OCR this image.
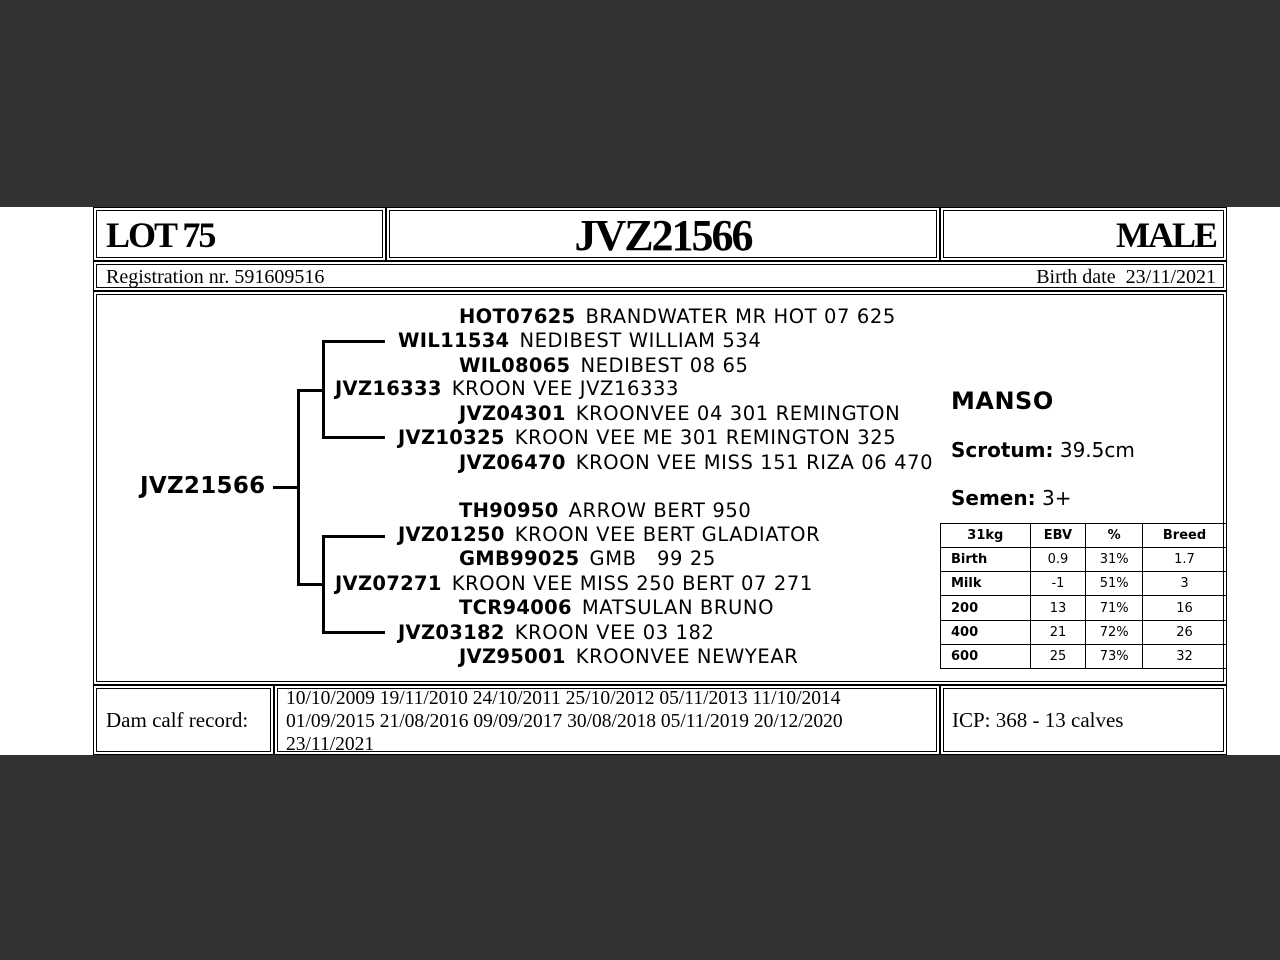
LOT 75	JVZ21566	MALE
Registration nr. 591609516	Birth date 23/11/2021
HOT07625 BRANDWATER MR HOT 07 625
WIL11534 NEDIBEST WILLIAM 534
WIL08065 NEDIBEST 08 65
JVZ16333 KROON VEE JVZ16333
JVZ04301 KROONVEE 04 301 REMINGTON
JVZ10325 KROON VEE ME 301 REMINGTON 325
JVZ06470 KROON VEE MISS 151 RIZA 06 470
JVZ21566
TH90950 ARROW BERT 950
JVZ01250 KROON VEE BERT GLADIATOR
GMB99025 GMB   99 25
JVZ07271 KROON VEE MISS 250 BERT 07 271
TCR94006 MATSULAN BRUNO
JVZ03182 KROON VEE 03 182
JVZ95001 KROONVEE NEWYEAR
MANSO
Scrotum: 39.5cm
Semen: 3+
31kg	EBV	%	Breed
Birth	0.9	31%	1.7
Milk	-1	51%	3
200	13	71%	16
400	21	72%	26
600	25	73%	32
Dam calf record:
10/10/2009 19/11/2010 24/10/2011 25/10/2012 05/11/2013 11/10/2014
01/09/2015 21/08/2016 09/09/2017 30/08/2018 05/11/2019 20/12/2020
23/11/2021
ICP: 368 - 13 calves
